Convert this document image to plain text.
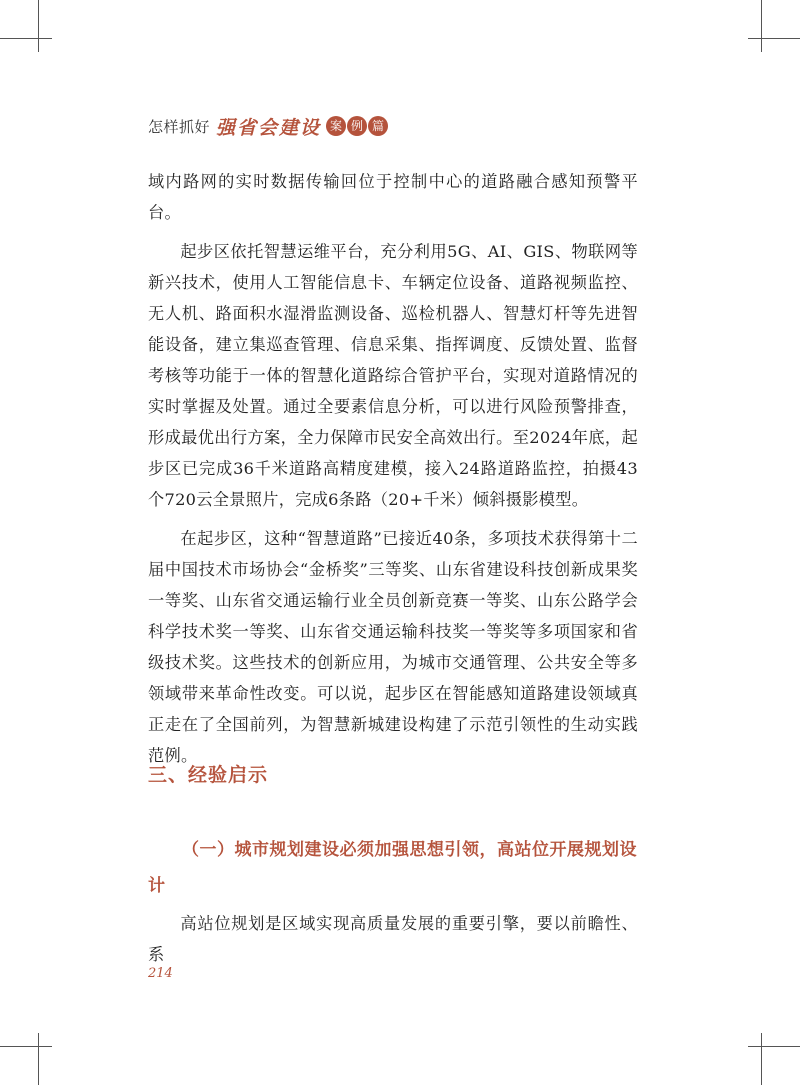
怎样抓好 强省会建设 案 例 篇

域内路网的实时数据传输回位于控制中心的道路融合感知预警平台。

起步区依托智慧运维平台，充分利用5G、AI、GIS、物联网等新兴技术，使用人工智能信息卡、车辆定位设备、道路视频监控、无人机、路面积水湿滑监测设备、巡检机器人、智慧灯杆等先进智能设备，建立集巡查管理、信息采集、指挥调度、反馈处置、监督考核等功能于一体的智慧化道路综合管护平台，实现对道路情况的实时掌握及处置。通过全要素信息分析，可以进行风险预警排查，形成最优出行方案，全力保障市民安全高效出行。至2024年底，起步区已完成36千米道路高精度建模，接入24路道路监控，拍摄43个720云全景照片，完成6条路（20+千米）倾斜摄影模型。

在起步区，这种“智慧道路”已接近40条，多项技术获得第十二届中国技术市场协会“金桥奖”三等奖、山东省建设科技创新成果奖一等奖、山东省交通运输行业全员创新竞赛一等奖、山东公路学会科学技术奖一等奖、山东省交通运输科技奖一等奖等多项国家和省级技术奖。这些技术的创新应用，为城市交通管理、公共安全等多领域带来革命性改变。可以说，起步区在智能感知道路建设领域真正走在了全国前列，为智慧新城建设构建了示范引领性的生动实践范例。

三、经验启示
（一）城市规划建设必须加强思想引领，高站位开展规划设计

高站位规划是区域实现高质量发展的重要引擎，要以前瞻性、系

214
